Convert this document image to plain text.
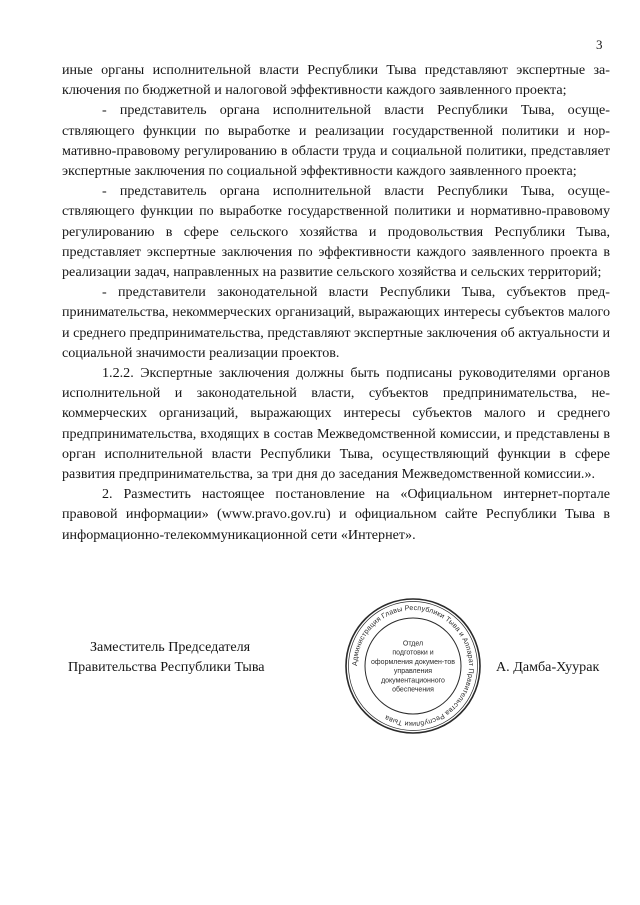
3

иные органы исполнительной власти Республики Тыва представляют экспертные заключения по бюджетной и налоговой эффективности каждого заявленного проекта;

- представитель органа исполнительной власти Республики Тыва, осуществляющего функции по выработке и реализации государственной политики и нормативно-правовому регулированию в области труда и социальной политики, представляет экспертные заключения по социальной эффективности каждого заявленного проекта;

- представитель органа исполнительной власти Республики Тыва, осуществляющего функции по выработке государственной политики и нормативно-правовому регулированию в сфере сельского хозяйства и продовольствия Республики Тыва, представляет экспертные заключения по эффективности каждого заявленного проекта в реализации задач, направленных на развитие сельского хозяйства и сельских территорий;

- представители законодательной власти Республики Тыва, субъектов предпринимательства, некоммерческих организаций, выражающих интересы субъектов малого и среднего предпринимательства, представляют экспертные заключения об актуальности и социальной значимости реализации проектов.

1.2.2. Экспертные заключения должны быть подписаны руководителями органов исполнительной и законодательной власти, субъектов предпринимательства, некоммерческих организаций, выражающих интересы субъектов малого и среднего предпринимательства, входящих в состав Межведомственной комиссии, и представлены в орган исполнительной власти Республики Тыва, осуществляющий функции в сфере развития предпринимательства, за три дня до заседания Межведомственной комиссии.».

2. Разместить настоящее постановление на «Официальном интернет-портале правовой информации» (www.pravo.gov.ru) и официальном сайте Республики Тыва в информационно-телекоммуникационной сети «Интернет».

Заместитель Председателя
Правительства Республики Тыва	А. Дамба-Хуурак
Администрация Главы Республики Тыва и Аппарат Правительства Республики Тыва
Отдел
подготовки и
оформления докумен-тов
управления
документационного
обеспечения
